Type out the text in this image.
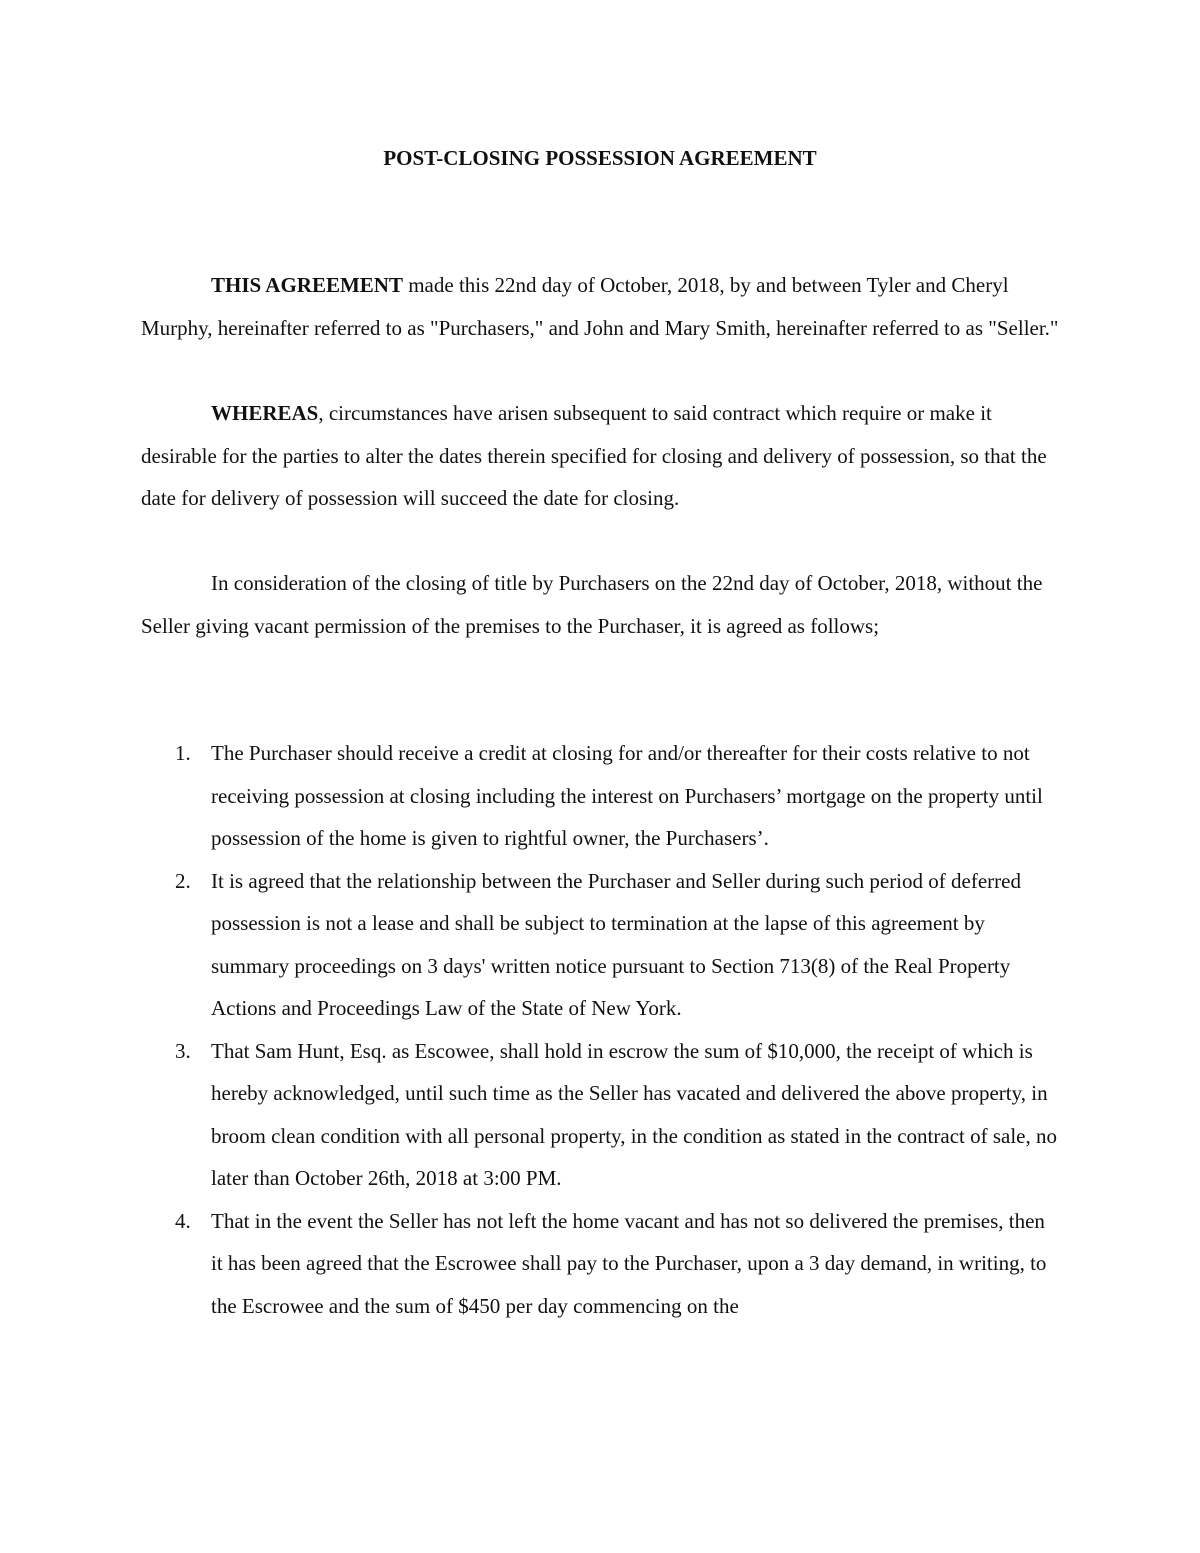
POST-CLOSING POSSESSION AGREEMENT

THIS AGREEMENT made this 22nd day of October, 2018, by and between Tyler and Cheryl Murphy, hereinafter referred to as "Purchasers," and John and Mary Smith, hereinafter referred to as "Seller."

WHEREAS, circumstances have arisen subsequent to said contract which require or make it desirable for the parties to alter the dates therein specified for closing and delivery of possession, so that the date for delivery of possession will succeed the date for closing.

In consideration of the closing of title by Purchasers on the 22nd day of October, 2018, without the Seller giving vacant permission of the premises to the Purchaser, it is agreed as follows;

1. The Purchaser should receive a credit at closing for and/or thereafter for their costs relative to not receiving possession at closing including the interest on Purchasers’ mortgage on the property until possession of the home is given to rightful owner, the Purchasers’.
2. It is agreed that the relationship between the Purchaser and Seller during such period of deferred possession is not a lease and shall be subject to termination at the lapse of this agreement by summary proceedings on 3 days' written notice pursuant to Section 713(8) of the Real Property Actions and Proceedings Law of the State of New York.
3. That Sam Hunt, Esq. as Escowee, shall hold in escrow the sum of $10,000, the receipt of which is hereby acknowledged, until such time as the Seller has vacated and delivered the above property, in broom clean condition with all personal property, in the condition as stated in the contract of sale, no later than October 26th, 2018 at 3:00 PM.
4. That in the event the Seller has not left the home vacant and has not so delivered the premises, then it has been agreed that the Escrowee shall pay to the Purchaser, upon a 3 day demand, in writing, to the Escrowee and the sum of $450 per day commencing on the
